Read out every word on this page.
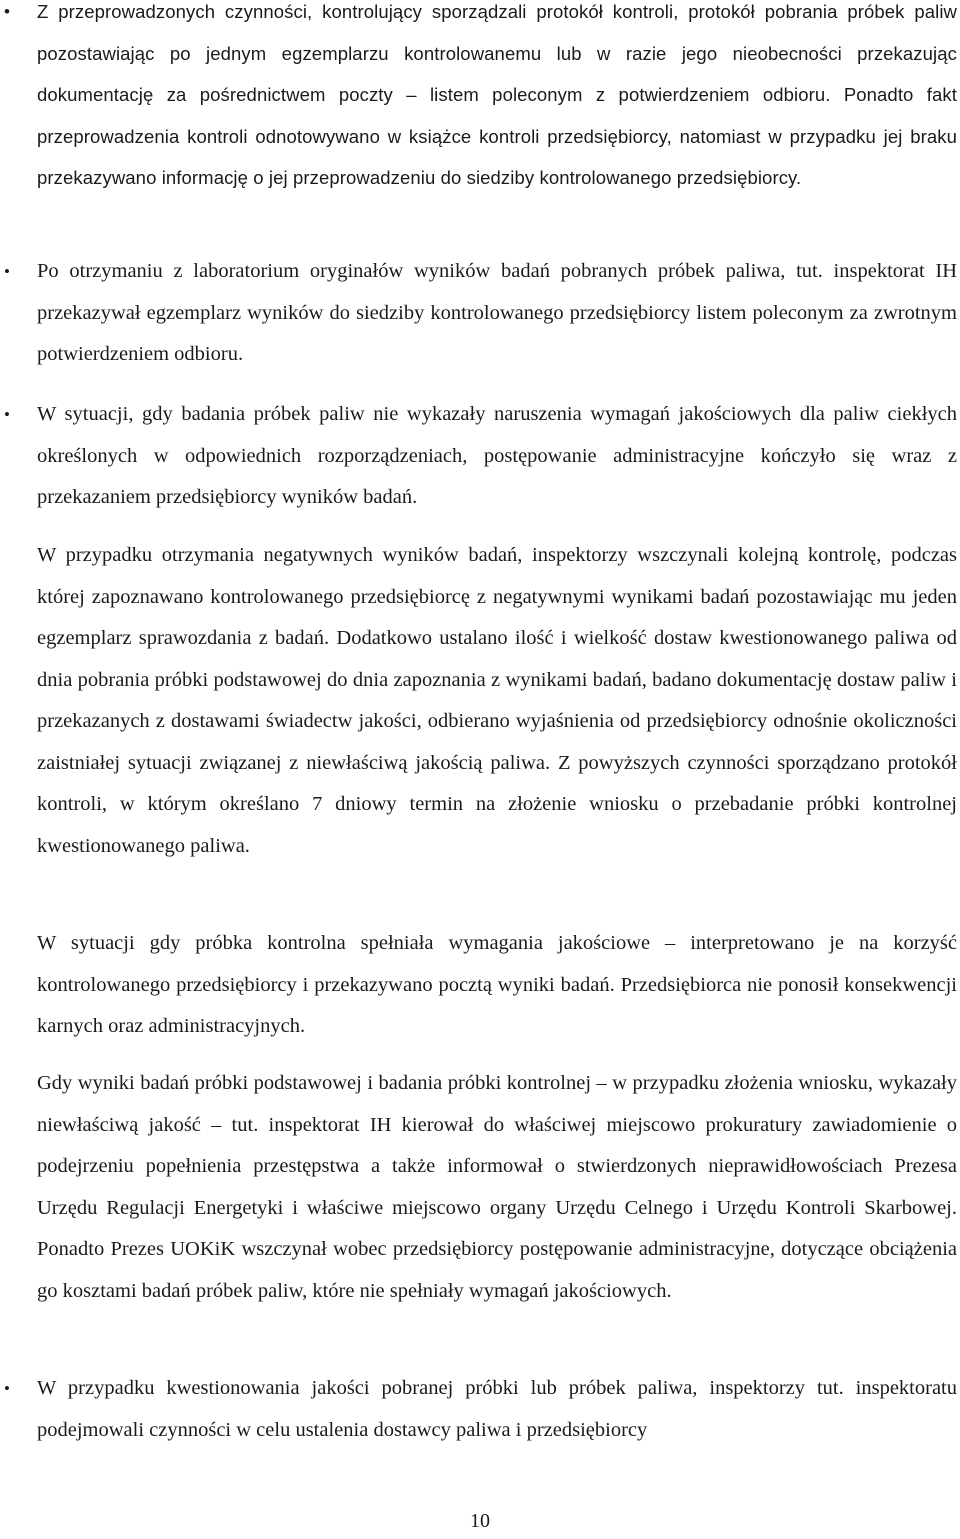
• Z przeprowadzonych czynności, kontrolujący sporządzali protokół kontroli, protokół pobrania próbek paliw pozostawiając po jednym egzemplarzu kontrolowanemu lub w razie jego nieobecności przekazując dokumentację za pośrednictwem poczty – listem poleconym z potwierdzeniem odbioru. Ponadto fakt przeprowadzenia kontroli odnotowywano w książce kontroli przedsiębiorcy, natomiast w przypadku jej braku przekazywano informację o jej przeprowadzeniu do siedziby kontrolowanego przedsiębiorcy.
• Po otrzymaniu z laboratorium oryginałów wyników badań pobranych próbek paliwa, tut. inspektorat IH przekazywał egzemplarz wyników do siedziby kontrolowanego przedsiębiorcy listem poleconym za zwrotnym potwierdzeniem odbioru.
• W sytuacji, gdy badania próbek paliw nie wykazały naruszenia wymagań jakościowych dla paliw ciekłych określonych w odpowiednich rozporządzeniach, postępowanie administracyjne kończyło się wraz z przekazaniem przedsiębiorcy wyników badań.
W przypadku otrzymania negatywnych wyników badań, inspektorzy wszczynali kolejną kontrolę, podczas której zapoznawano kontrolowanego przedsiębiorcę z negatywnymi wynikami badań pozostawiając mu jeden egzemplarz sprawozdania z badań. Dodatkowo ustalano ilość i wielkość dostaw kwestionowanego paliwa od dnia pobrania próbki podstawowej do dnia zapoznania z wynikami badań, badano dokumentację dostaw paliw i przekazanych z dostawami świadectw jakości, odbierano wyjaśnienia od przedsiębiorcy odnośnie okoliczności zaistniałej sytuacji związanej z niewłaściwą jakością paliwa. Z powyższych czynności sporządzano protokół kontroli, w którym określano 7 dniowy termin na złożenie wniosku o przebadanie próbki kontrolnej kwestionowanego paliwa.
W sytuacji gdy próbka kontrolna spełniała wymagania jakościowe – interpretowano je na korzyść kontrolowanego przedsiębiorcy i przekazywano pocztą wyniki badań. Przedsiębiorca nie ponosił konsekwencji karnych oraz administracyjnych.
Gdy wyniki badań próbki podstawowej i badania próbki kontrolnej – w przypadku złożenia wniosku, wykazały niewłaściwą jakość – tut. inspektorat IH kierował do właściwej miejscowo prokuratury zawiadomienie o podejrzeniu popełnienia przestępstwa a także informował o stwierdzonych nieprawidłowościach Prezesa Urzędu Regulacji Energetyki i właściwe miejscowo organy Urzędu Celnego i Urzędu Kontroli Skarbowej. Ponadto Prezes UOKiK wszczynał wobec przedsiębiorcy postępowanie administracyjne, dotyczące obciążenia go kosztami badań próbek paliw, które nie spełniały wymagań jakościowych.
• W przypadku kwestionowania jakości pobranej próbki lub próbek paliwa, inspektorzy tut. inspektoratu podejmowali czynności w celu ustalenia dostawcy paliwa i przedsiębiorcy
10
